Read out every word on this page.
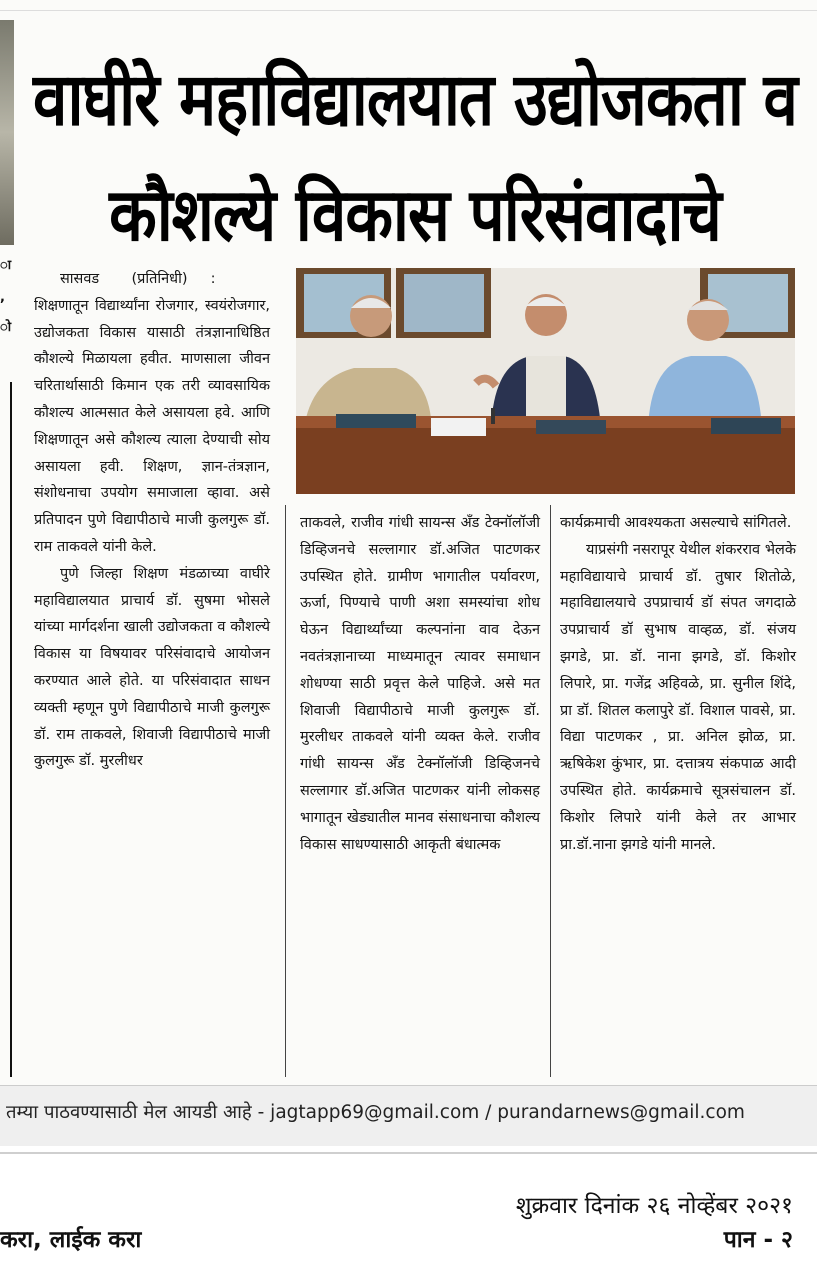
ा
,
ो
वाघीरे महाविद्यालयात उद्योजकता व
कौशल्ये विकास परिसंवादाचे

सासवड (प्रतिनिधी) :

शिक्षणातून विद्यार्थ्यांना रोजगार, स्वयंरोजगार, उद्योजकता विकास यासाठी तंत्रज्ञानाधिष्ठित कौशल्ये मिळायला हवीत. माणसाला जीवन चरितार्थासाठी किमान एक तरी व्यावसायिक कौशल्य आत्मसात केले असायला हवे. आणि शिक्षणातून असे कौशल्य त्याला देण्याची सोय असायला हवी. शिक्षण, ज्ञान-तंत्रज्ञान, संशोधनाचा उपयोग समाजाला व्हावा. असे प्रतिपादन पुणे विद्यापीठाचे माजी कुलगुरू डॉ. राम ताकवले यांनी केले.

पुणे जिल्हा शिक्षण मंडळाच्या वाघीरे महाविद्यालयात प्राचार्य डॉ. सुषमा भोसले यांच्या मार्गदर्शना खाली उद्योजकता व कौशल्ये विकास या विषयावर परिसंवादाचे आयोजन करण्यात आले होते. या परिसंवादात साधन व्यक्ती म्हणून पुणे विद्यापीठाचे माजी कुलगुरू डॉ. राम ताकवले, शिवाजी विद्यापीठाचे माजी कुलगुरू डॉ. मुरलीधर

ताकवले, राजीव गांधी सायन्स अँड टेक्नॉलॉजी डिव्हिजनचे सल्लागार डॉ.अजित पाटणकर उपस्थित होते. ग्रामीण भागातील पर्यावरण, ऊर्जा, पिण्याचे पाणी अशा समस्यांचा शोध घेऊन विद्यार्थ्यांच्या कल्पनांना वाव देऊन नवतंत्रज्ञानाच्या माध्यमातून त्यावर समाधान शोधण्या साठी प्रवृत्त केले पाहिजे. असे मत शिवाजी विद्यापीठाचे माजी कुलगुरू डॉ. मुरलीधर ताकवले यांनी व्यक्त केले. राजीव गांधी सायन्स अँड टेक्नॉलॉजी डिव्हिजनचे सल्लागार डॉ.अजित पाटणकर यांनी लोकसह भागातून खेड्यातील मानव संसाधनाचा कौशल्य विकास साधण्यासाठी आकृती बंधात्मक

कार्यक्रमाची आवश्यकता असल्याचे सांगितले.

याप्रसंगी नसरापूर येथील शंकरराव भेलके महाविद्यायाचे प्राचार्य डॉ. तुषार शितोळे, महाविद्यालयाचे उपप्राचार्य डॉ संपत जगदाळे उपप्राचार्य डॉ सुभाष वाव्हळ, डॉ. संजय झगडे, प्रा. डॉ. नाना झगडे, डॉ. किशोर लिपारे, प्रा. गजेंद्र अहिवळे, प्रा. सुनील शिंदे, प्रा डॉ. शितल कलापुरे डॉ. विशाल पावसे, प्रा. विद्या पाटणकर , प्रा. अनिल झोळ, प्रा. ऋषिकेश कुंभार, प्रा. दत्तात्रय संकपाळ आदी उपस्थित होते. कार्यक्रमाचे सूत्रसंचालन डॉ. किशोर लिपारे यांनी केले तर आभार प्रा.डॉ.नाना झगडे यांनी मानले.

तम्या पाठवण्यासाठी मेल आयडी आहे - jagtapp69@gmail.com / purandarnews@gmail.com
शुक्रवार दिनांक २६ नोव्हेंबर २०२१
करा, लाईक करा	पान - २
